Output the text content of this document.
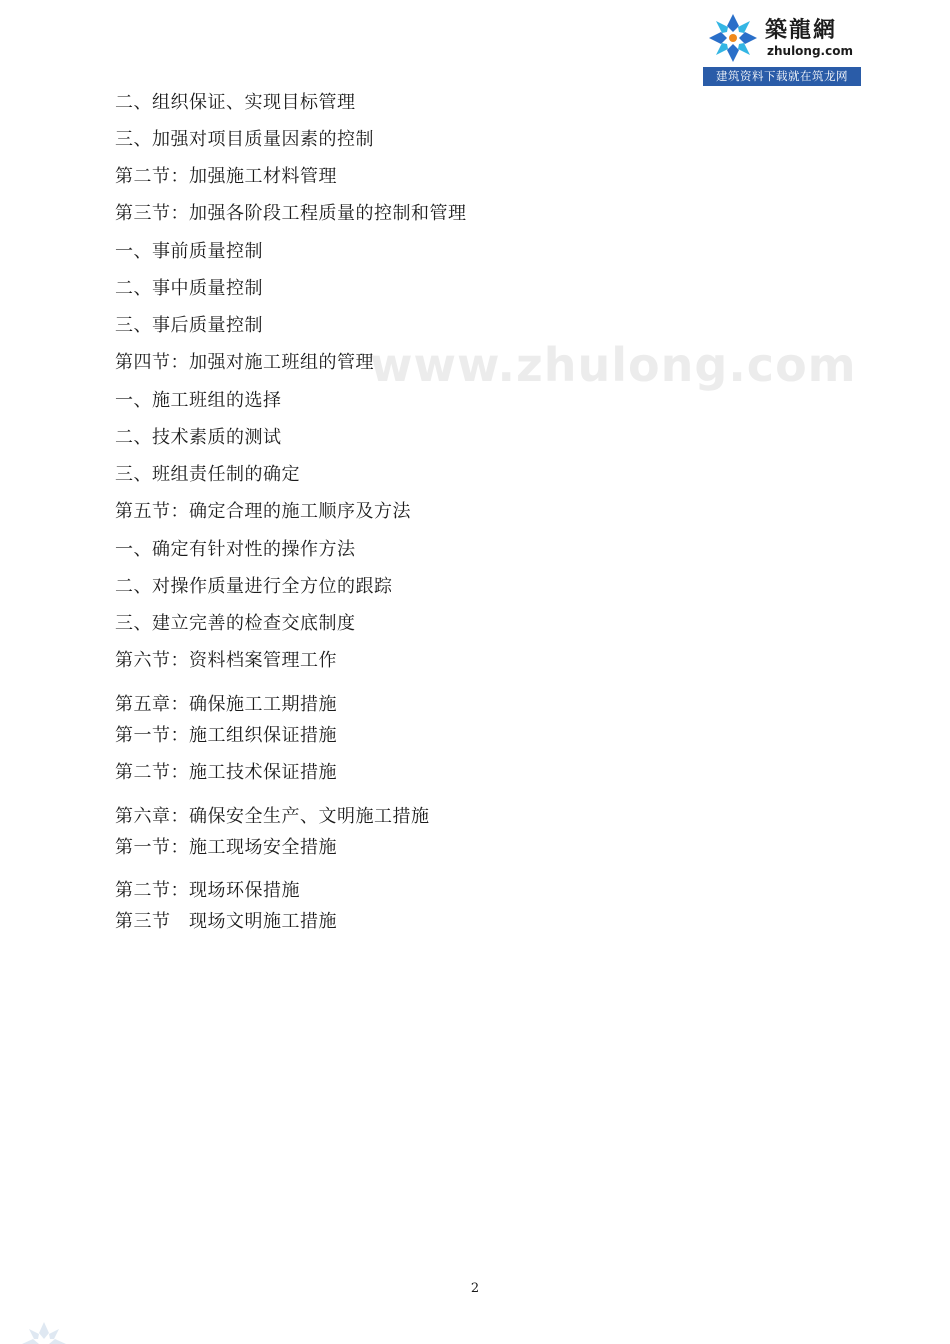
築龍網
zhulong.com
建筑资料下载就在筑龙网
www.zhulong.com
二、组织保证、实现目标管理
三、加强对项目质量因素的控制
第二节：加强施工材料管理
第三节：加强各阶段工程质量的控制和管理
一、事前质量控制
二、事中质量控制
三、事后质量控制
第四节：加强对施工班组的管理
一、施工班组的选择
二、技术素质的测试
三、班组责任制的确定
第五节：确定合理的施工顺序及方法
一、确定有针对性的操作方法
二、对操作质量进行全方位的跟踪
三、建立完善的检查交底制度
第六节：资料档案管理工作
第五章：确保施工工期措施
第一节：施工组织保证措施
第二节：施工技术保证措施
第六章：确保安全生产、文明施工措施
第一节：施工现场安全措施
第二节：现场环保措施
第三节　现场文明施工措施
2
